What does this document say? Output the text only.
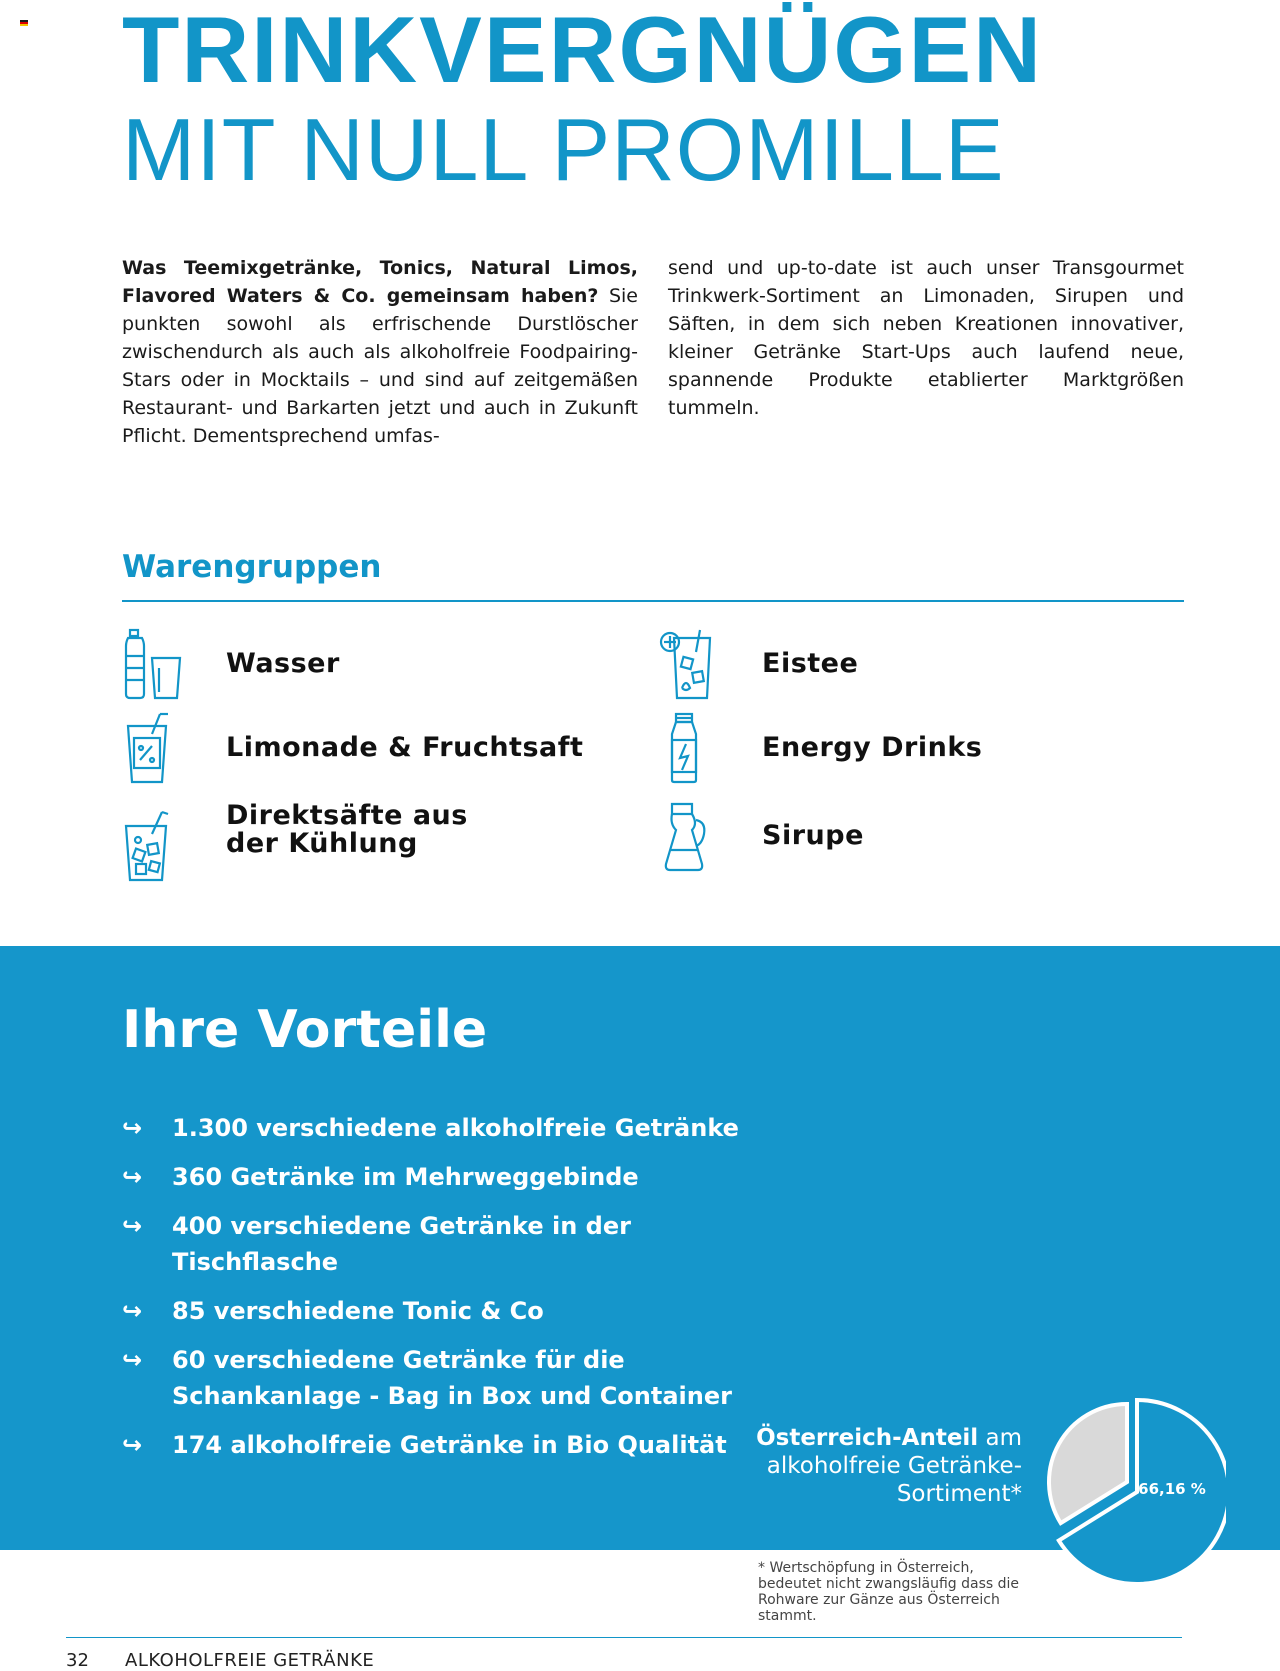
TRINKVERGNÜGEN
MIT NULL PROMILLE

Was Teemixgetränke, Tonics, Natural Limos, Flavored Waters & Co. gemeinsam haben? Sie punkten sowohl als erfrischende Durstlöscher zwischendurch als auch als alkoholfreie Foodpairing-Stars oder in Mocktails – und sind auf zeitgemäßen Restaurant- und Barkarten jetzt und auch in Zukunft Pflicht. Dementsprechend umfas-

send und up-to-date ist auch unser Transgourmet Trinkwerk-Sortiment an Limonaden, Sirupen und Säften, in dem sich neben Kreationen innovativer, kleiner Getränke Start-Ups auch laufend neue, spannende Produkte etablierter Marktgrößen tummeln.

Warengruppen
Wasser	Eistee
Limonade & Fruchtsaft	Energy Drinks
Direktsäfte aus
der Kühlung	Sirupe
Ihre Vorteile
↪	1.300 verschiedene alkoholfreie Getränke
↪	360 Getränke im Mehrweggebinde
↪	400 verschiedene Getränke in der Tischflasche
↪	85 verschiedene Tonic & Co
↪	60 verschiedene Getränke für die Schankanlage - Bag in Box und Container
↪	174 alkoholfreie Getränke in Bio Qualität	Österreich-Anteil am
alkoholfreie Getränke-
Sortiment*	66,16 %

* Wertschöpfung in Österreich, bedeutet nicht zwangsläufig dass die Rohware zur Gänze aus Österreich stammt.

32 ALKOHOLFREIE GETRÄNKE
